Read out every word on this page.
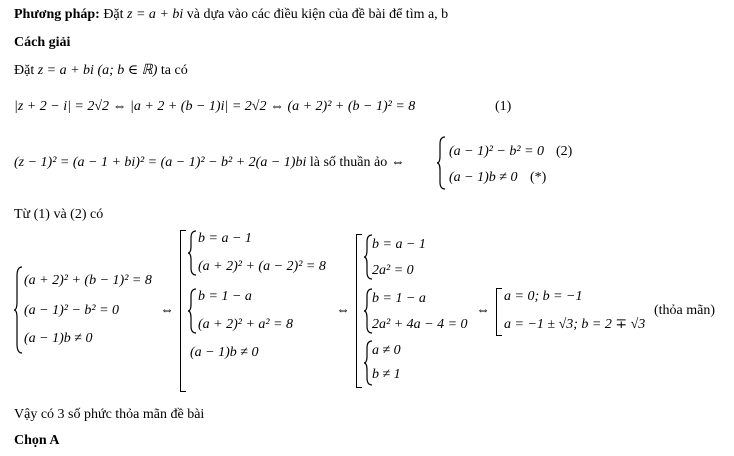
Phương pháp: Đặt z = a + bi và dựa vào các điều kiện của đề bài để tìm a, b
Cách giải
Đặt z = a + bi (a; b ∈ ℝ) ta có
|z + 2 − i| = 2√2 ⇔ |a + 2 + (b − 1)i| = 2√2 ⇔ (a + 2)² + (b − 1)² = 8	(1)
(z − 1)² = (a − 1 + bi)² = (a − 1)² − b² + 2(a − 1)bi là số thuần ảo ⇔
(a − 1)² − b² = 0 (2)
(a − 1)b ≠ 0 (*)
Từ (1) và (2) có
(a + 2)² + (b − 1)² = 8
(a − 1)² − b² = 0
(a − 1)b ≠ 0
⇔
b = a − 1
(a + 2)² + (a − 2)² = 8
b = 1 − a
(a + 2)² + a² = 8
(a − 1)b ≠ 0
⇔
b = a − 1
2a² = 0
b = 1 − a
2a² + 4a − 4 = 0
a ≠ 0
b ≠ 1
⇔
a = 0; b = −1
a = −1 ± √3; b = 2 ∓ √3
(thỏa mãn)
Vậy có 3 số phức thỏa mãn đề bài
Chọn A
